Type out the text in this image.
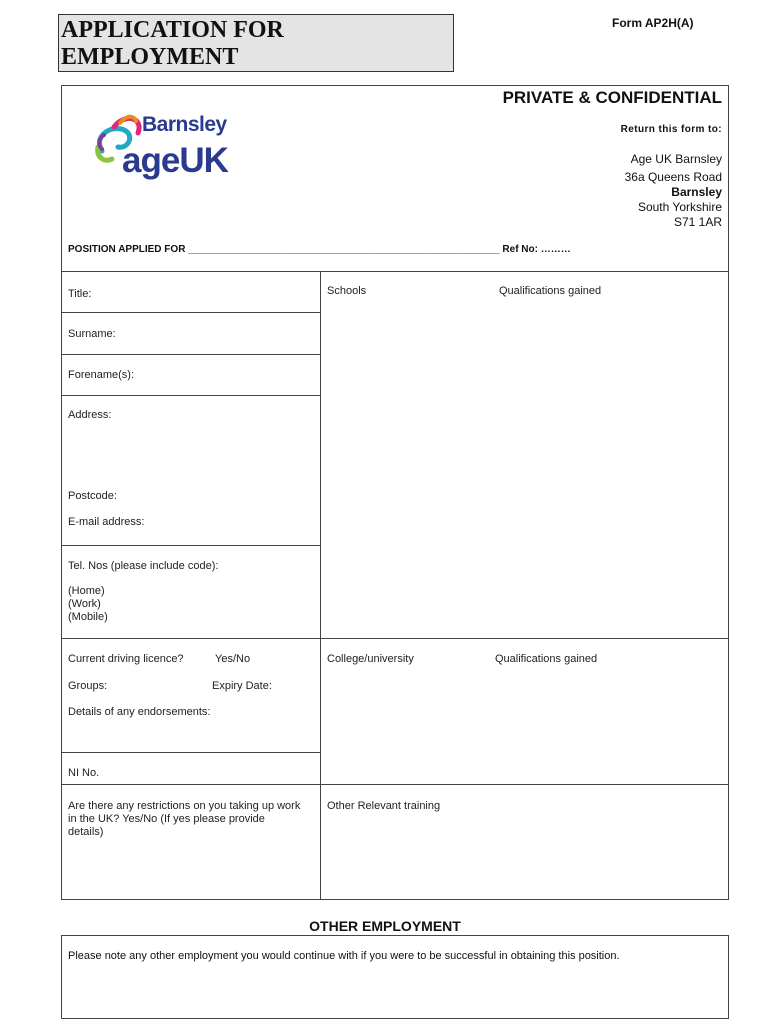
APPLICATION FOR
EMPLOYMENT
Form AP2H(A)
PRIVATE & CONFIDENTIAL
Return this form to:
Age UK Barnsley
36a Queens Road
Barnsley
South Yorkshire
S71 1AR
Barnsley
ageUK
POSITION APPLIED FOR ________________________________________________________ Ref No: ………
Title:
Surname:
Forename(s):
Address:
Postcode:
E-mail address:
Tel. Nos (please include code):
(Home)
(Work)
(Mobile)
Current driving licence?	Yes/No
Groups:	Expiry Date:
Details of any endorsements:
NI No.
Are there any restrictions on you taking up work
in the UK? Yes/No (If yes please provide
details)
Schools	Qualifications gained
College/university	Qualifications gained
Other Relevant training
OTHER EMPLOYMENT
Please note any other employment you would continue with if you were to be successful in obtaining this position.
